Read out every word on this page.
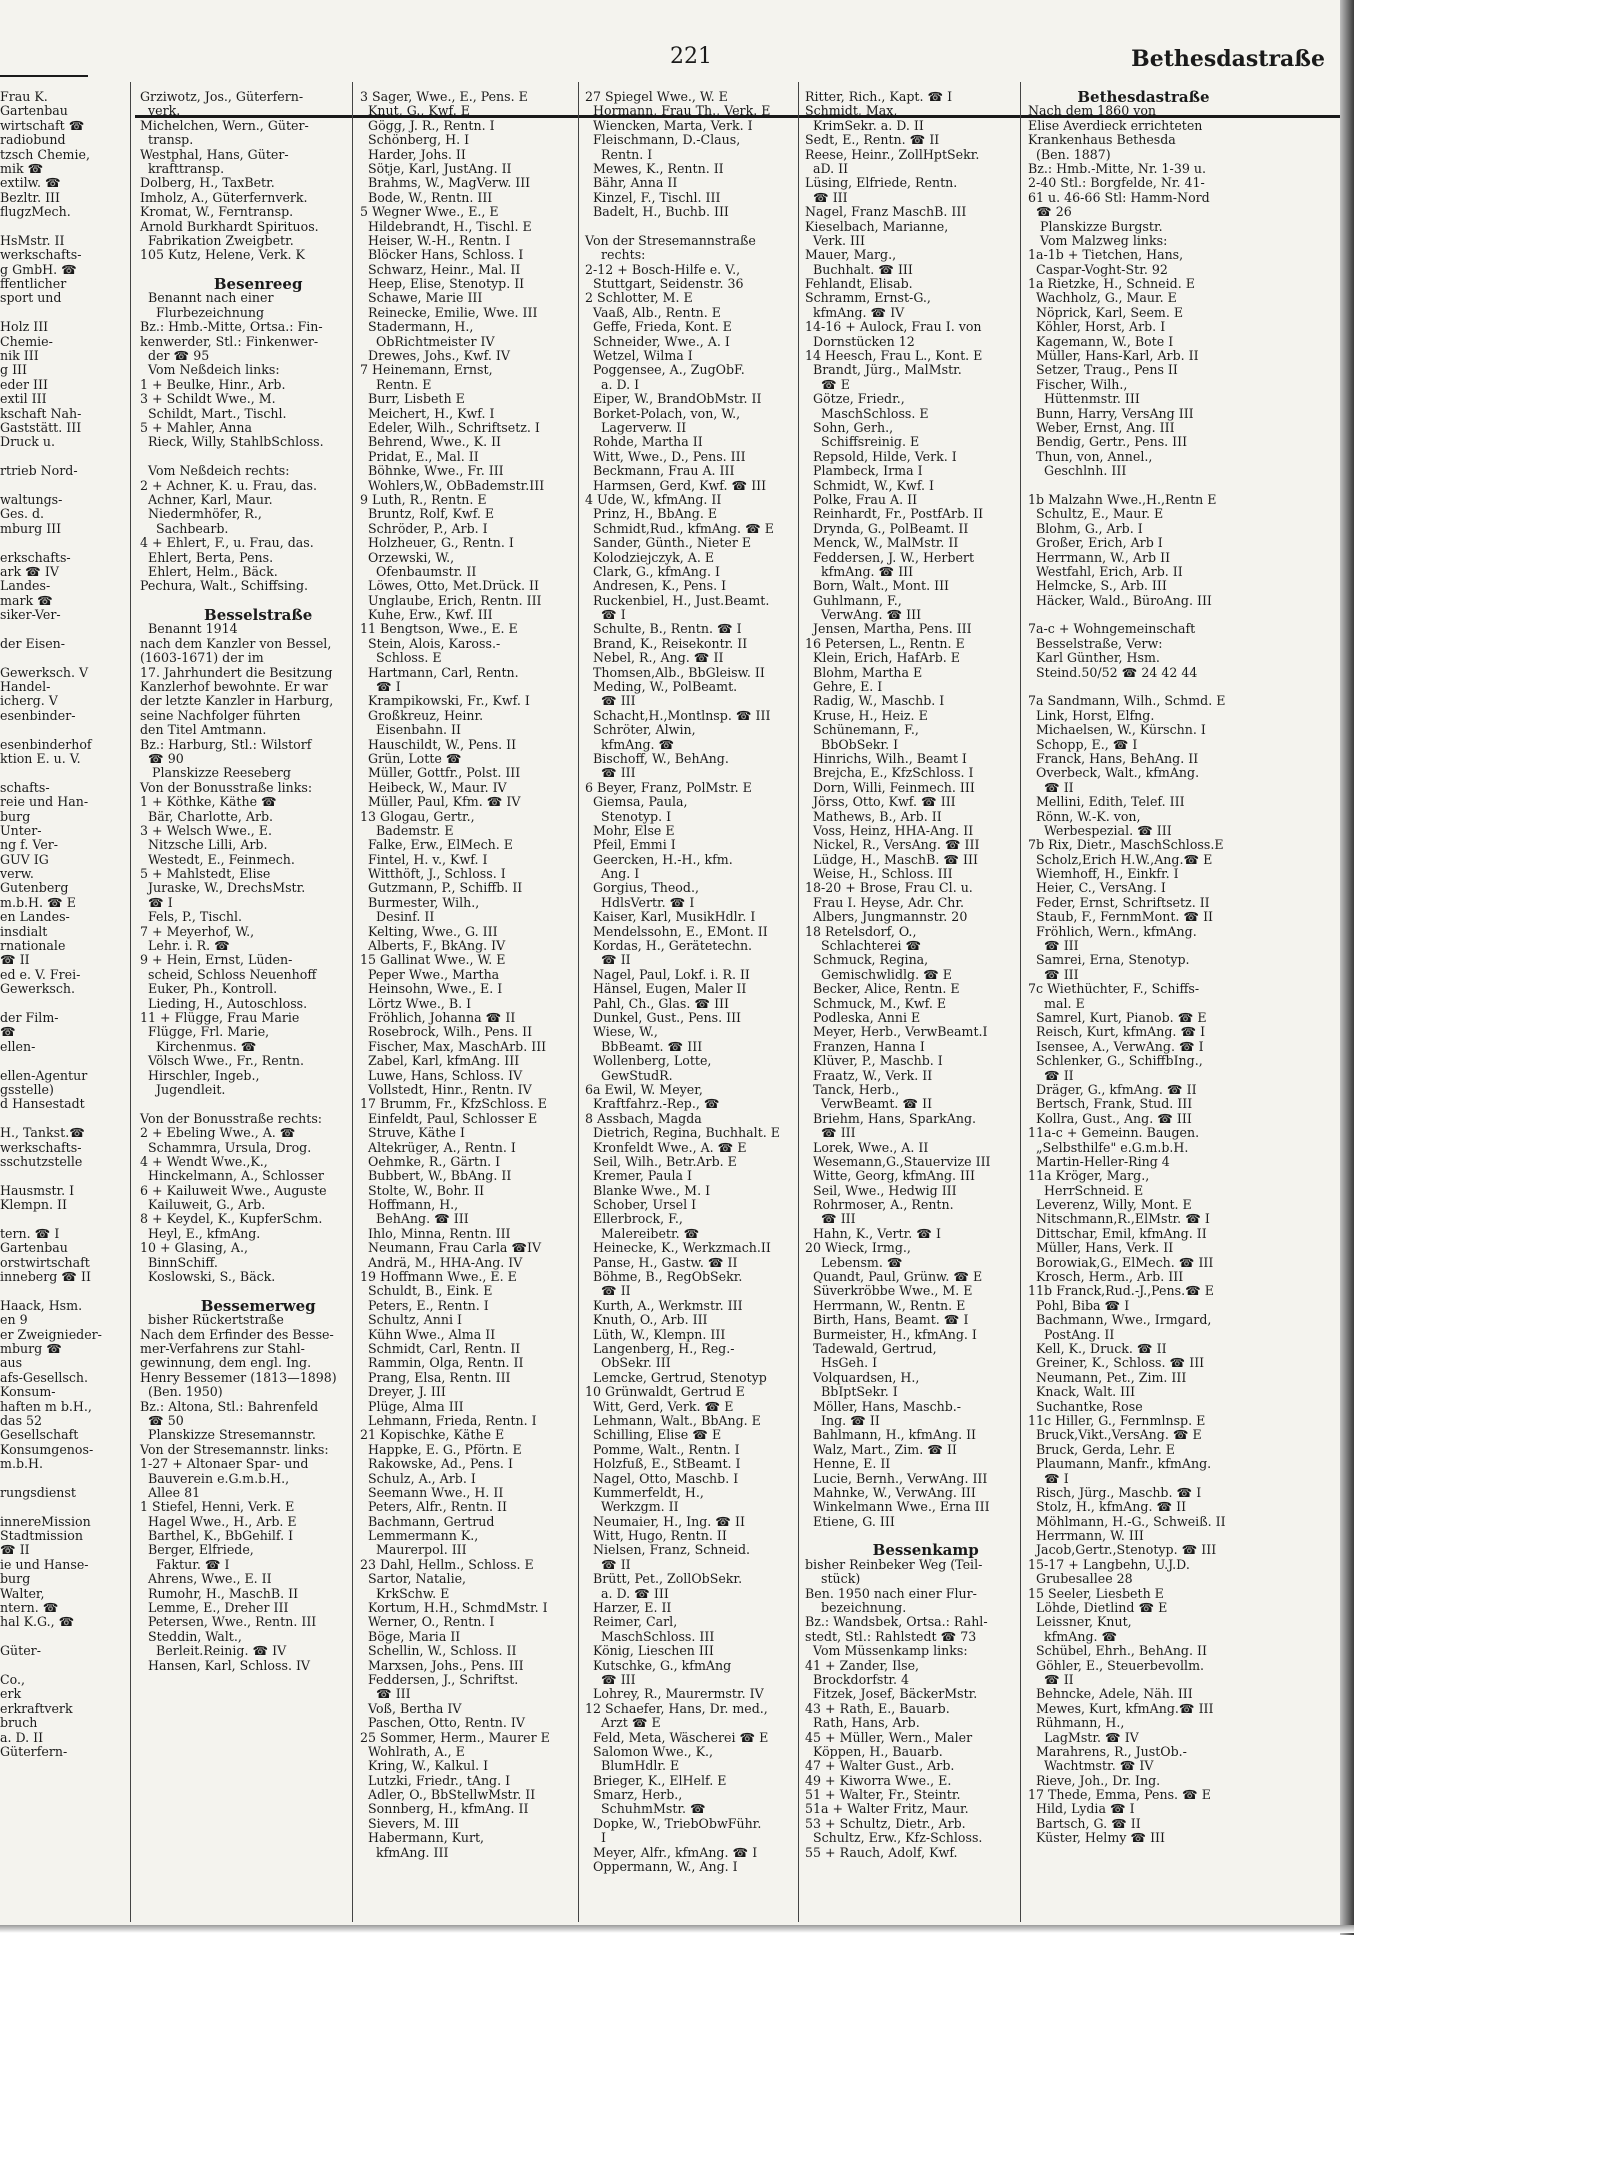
221	Bethesdastraße
Frau K.
Gartenbau
wirtschaft ☎
radiobund
tzsch Chemie,
mik ☎
extilw. ☎
Bezltr. III
flugzMech.
HsMstr. II
werkschafts-
g GmbH. ☎
ffentlicher
sport und
Holz III
Chemie-
nik III
g III
eder III
extil III
kschaft Nah-
Gaststätt. III
Druck u.
rtrieb Nord-
waltungs-
Ges. d.
mburg III
erkschafts-
ark ☎ IV
Landes-
mark ☎
siker-Ver-
der Eisen-
Gewerksch. V
Handel-
icherg. V
esenbinder-
esenbinderhof
ktion E. u. V.
schafts-
reie und Han-
burg
Unter-
ng f. Ver-
GUV IG
verw.
Gutenberg
m.b.H. ☎ E
en Landes-
insdialt
rnationale
☎ II
ed e. V. Frei-
Gewerksch.
der Film-
☎
ellen-
ellen-Agentur
gsstelle)
d Hansestadt
H., Tankst.☎
werkschafts-
sschutzstelle
Hausmstr. I
Klempn. II
tern. ☎ I
Gartenbau
orstwirtschaft
inneberg ☎ II
Haack, Hsm.
en 9
er Zweignieder-
mburg ☎
aus
afs-Gesellsch.
Konsum-
haften m b.H.,
das 52
Gesellschaft
Konsumgenos-
m.b.H.
rungsdienst
innereMission
Stadtmission
☎ II
ie und Hanse-
burg
Walter,
ntern. ☎
hal K.G., ☎
Güter-
Co.,
erk
erkraftverk
bruch
a. D. II
Güterfern-
Grziwotz, Jos., Güterfern-
verk.
Michelchen, Wern., Güter-
transp.
Westphal, Hans, Güter-
krafttransp.
Dolberg, H., TaxBetr.
Imholz, A., Güterfernverk.
Kromat, W., Ferntransp.
Arnold Burkhardt Spirituos.
Fabrikation Zweigbetr.
105 Kutz, Helene, Verk. K
Besenreeg
Benannt nach einer
Flurbezeichnung
Bz.: Hmb.-Mitte, Ortsa.: Fin-
kenwerder, Stl.: Finkenwer-
der ☎ 95
Vom Neßdeich links:
1 + Beulke, Hinr., Arb.
3 + Schildt Wwe., M.
Schildt, Mart., Tischl.
5 + Mahler, Anna
Rieck, Willy, StahlbSchloss.
Vom Neßdeich rechts:
2 + Achner, K. u. Frau, das.
Achner, Karl, Maur.
Niedermhöfer, R.,
Sachbearb.
4 + Ehlert, F., u. Frau, das.
Ehlert, Berta, Pens.
Ehlert, Helm., Bäck.
Pechura, Walt., Schiffsing.
Besselstraße
Benannt 1914
nach dem Kanzler von Bessel,
(1603-1671) der im
17. Jahrhundert die Besitzung
Kanzlerhof bewohnte. Er war
der letzte Kanzler in Harburg,
seine Nachfolger führten
den Titel Amtmann.
Bz.: Harburg, Stl.: Wilstorf
☎ 90
Planskizze Reeseberg
Von der Bonusstraße links:
1 + Köthke, Käthe ☎
Bär, Charlotte, Arb.
3 + Welsch Wwe., E.
Nitzsche Lilli, Arb.
Westedt, E., Feinmech.
5 + Mahlstedt, Elise
Juraske, W., DrechsMstr.
☎ I
Fels, P., Tischl.
7 + Meyerhof, W.,
Lehr. i. R. ☎
9 + Hein, Ernst, Lüden-
scheid, Schloss Neuenhoff
Euker, Ph., Kontroll.
Lieding, H., Autoschloss.
11 + Flügge, Frau Marie
Flügge, Frl. Marie,
Kirchenmus. ☎
Völsch Wwe., Fr., Rentn.
Hirschler, Ingeb.,
Jugendleit.
Von der Bonusstraße rechts:
2 + Ebeling Wwe., A. ☎
Schammra, Ursula, Drog.
4 + Wendt Wwe.,K.,
Hinckelmann, A., Schlosser
6 + Kailuweit Wwe., Auguste
Kailuweit, G., Arb.
8 + Keydel, K., KupferSchm.
Heyl, E., kfmAng.
10 + Glasing, A.,
BinnSchiff.
Koslowski, S., Bäck.
Bessemerweg
bisher Rückertstraße
Nach dem Erfinder des Besse-
mer-Verfahrens zur Stahl-
gewinnung, dem engl. Ing.
Henry Bessemer (1813—1898)
(Ben. 1950)
Bz.: Altona, Stl.: Bahrenfeld
☎ 50
Planskizze Stresemannstr.
Von der Stresemannstr. links:
1-27 + Altonaer Spar- und
Bauverein e.G.m.b.H.,
Allee 81
1 Stiefel, Henni, Verk. E
Hagel Wwe., H., Arb. E
Barthel, K., BbGehilf. I
Berger, Elfriede,
Faktur. ☎ I
Ahrens, Wwe., E. II
Rumohr, H., MaschB. II
Lemme, E., Dreher III
Petersen, Wwe., Rentn. III
Steddin, Walt.,
Berleit.Reinig. ☎ IV
Hansen, Karl, Schloss. IV
3 Sager, Wwe., E., Pens. E
Knut, G., Kwf. E
Gögg, J. R., Rentn. I
Schönberg, H. I
Harder, Johs. II
Sötje, Karl, JustAng. II
Brahms, W., MagVerw. III
Bode, W., Rentn. III
5 Wegner Wwe., E., E
Hildebrandt, H., Tischl. E
Heiser, W.-H., Rentn. I
Blöcker Hans, Schloss. I
Schwarz, Heinr., Mal. II
Heep, Elise, Stenotyp. II
Schawe, Marie III
Reinecke, Emilie, Wwe. III
Stadermann, H.,
ObRichtmeister IV
Drewes, Johs., Kwf. IV
7 Heinemann, Ernst,
Rentn. E
Burr, Lisbeth E
Meichert, H., Kwf. I
Edeler, Wilh., Schriftsetz. I
Behrend, Wwe., K. II
Pridat, E., Mal. II
Böhnke, Wwe., Fr. III
Wohlers,W., ObBademstr.III
9 Luth, R., Rentn. E
Bruntz, Rolf, Kwf. E
Schröder, P., Arb. I
Holzheuer, G., Rentn. I
Orzewski, W.,
Ofenbaumstr. II
Löwes, Otto, Met.Drück. II
Unglaube, Erich, Rentn. III
Kuhe, Erw., Kwf. III
11 Bengtson, Wwe., E. E
Stein, Alois, Kaross.-
Schloss. E
Hartmann, Carl, Rentn.
☎ I
Krampikowski, Fr., Kwf. I
Großkreuz, Heinr.
Eisenbahn. II
Hauschildt, W., Pens. II
Grün, Lotte ☎
Müller, Gottfr., Polst. III
Heibeck, W., Maur. IV
Müller, Paul, Kfm. ☎ IV
13 Glogau, Gertr.,
Bademstr. E
Falke, Erw., ElMech. E
Fintel, H. v., Kwf. I
Witthöft, J., Schloss. I
Gutzmann, P., Schiffb. II
Burmester, Wilh.,
Desinf. II
Kelting, Wwe., G. III
Alberts, F., BkAng. IV
15 Gallinat Wwe., W. E
Peper Wwe., Martha
Heinsohn, Wwe., E. I
Lörtz Wwe., B. I
Fröhlich, Johanna ☎ II
Rosebrock, Wilh., Pens. II
Fischer, Max, MaschArb. III
Zabel, Karl, kfmAng. III
Luwe, Hans, Schloss. IV
Vollstedt, Hinr., Rentn. IV
17 Brumm, Fr., KfzSchloss. E
Einfeldt, Paul, Schlosser E
Struve, Käthe I
Altekrüger, A., Rentn. I
Oehmke, R., Gärtn. I
Bubbert, W., BbAng. II
Stolte, W., Bohr. II
Hoffmann, H.,
BehAng. ☎ III
Ihlo, Minna, Rentn. III
Neumann, Frau Carla ☎IV
Andrä, M., HHA-Ang. IV
19 Hoffmann Wwe., E. E
Schuldt, B., Eink. E
Peters, E., Rentn. I
Schultz, Anni I
Kühn Wwe., Alma II
Schmidt, Carl, Rentn. II
Rammin, Olga, Rentn. II
Prang, Elsa, Rentn. III
Dreyer, J. III
Plüge, Alma III
Lehmann, Frieda, Rentn. I
21 Kopischke, Käthe E
Happke, E. G., Pförtn. E
Rakowske, Ad., Pens. I
Schulz, A., Arb. I
Seemann Wwe., H. II
Peters, Alfr., Rentn. II
Bachmann, Gertrud
Lemmermann K.,
Maurerpol. III
23 Dahl, Hellm., Schloss. E
Sartor, Natalie,
KrkSchw. E
Kortum, H.H., SchmdMstr. I
Werner, O., Rentn. I
Böge, Maria II
Schellin, W., Schloss. II
Marxsen, Johs., Pens. III
Feddersen, J., Schriftst.
☎ III
Voß, Bertha IV
Paschen, Otto, Rentn. IV
25 Sommer, Herm., Maurer E
Wohlrath, A., E
Kring, W., Kalkul. I
Lutzki, Friedr., tAng. I
Adler, O., BbStellwMstr. II
Sonnberg, H., kfmAng. II
Sievers, M. III
Habermann, Kurt,
kfmAng. III
27 Spiegel Wwe., W. E
Hormann, Frau Th., Verk. E
Wiencken, Marta, Verk. I
Fleischmann, D.-Claus,
Rentn. I
Mewes, K., Rentn. II
Bähr, Anna II
Kinzel, F., Tischl. III
Badelt, H., Buchb. III
Von der Stresemannstraße
rechts:
2-12 + Bosch-Hilfe e. V.,
Stuttgart, Seidenstr. 36
2 Schlotter, M. E
Vaaß, Alb., Rentn. E
Geffe, Frieda, Kont. E
Schneider, Wwe., A. I
Wetzel, Wilma I
Poggensee, A., ZugObF.
a. D. I
Eiper, W., BrandObMstr. II
Borket-Polach, von, W.,
Lagerverw. II
Rohde, Martha II
Witt, Wwe., D., Pens. III
Beckmann, Frau A. III
Harmsen, Gerd, Kwf. ☎ III
4 Ude, W., kfmAng. II
Prinz, H., BbAng. E
Schmidt,Rud., kfmAng. ☎ E
Sander, Günth., Nieter E
Kolodziejczyk, A. E
Clark, G., kfmAng. I
Andresen, K., Pens. I
Ruckenbiel, H., Just.Beamt.
☎ I
Schulte, B., Rentn. ☎ I
Brand, K., Reisekontr. II
Nebel, R., Ang. ☎ II
Thomsen,Alb., BbGleisw. II
Meding, W., PolBeamt.
☎ III
Schacht,H.,Montlnsp. ☎ III
Schröter, Alwin,
kfmAng. ☎
Bischoff, W., BehAng.
☎ III
6 Beyer, Franz, PolMstr. E
Giemsa, Paula,
Stenotyp. I
Mohr, Else E
Pfeil, Emmi I
Geercken, H.-H., kfm.
Ang. I
Gorgius, Theod.,
HdlsVertr. ☎ I
Kaiser, Karl, MusikHdlr. I
Mendelssohn, E., EMont. II
Kordas, H., Gerätetechn.
☎ II
Nagel, Paul, Lokf. i. R. II
Hänsel, Eugen, Maler II
Pahl, Ch., Glas. ☎ III
Dunkel, Gust., Pens. III
Wiese, W.,
BbBeamt. ☎ III
Wollenberg, Lotte,
GewStudR.
6a Ewil, W. Meyer,
Kraftfahrz.-Rep., ☎
8 Assbach, Magda
Dietrich, Regina, Buchhalt. E
Kronfeldt Wwe., A. ☎ E
Seil, Wilh., Betr.Arb. E
Kremer, Paula I
Blanke Wwe., M. I
Schober, Ursel I
Ellerbrock, F.,
Malereibetr. ☎
Heinecke, K., Werkzmach.II
Panse, H., Gastw. ☎ II
Böhme, B., RegObSekr.
☎ II
Kurth, A., Werkmstr. III
Knuth, O., Arb. III
Lüth, W., Klempn. III
Langenberg, H., Reg.-
ObSekr. III
Lemcke, Gertrud, Stenotyp
10 Grünwaldt, Gertrud E
Witt, Gerd, Verk. ☎ E
Lehmann, Walt., BbAng. E
Schilling, Elise ☎ E
Pomme, Walt., Rentn. I
Holzfuß, E., StBeamt. I
Nagel, Otto, Maschb. I
Kummerfeldt, H.,
Werkzgm. II
Neumaier, H., Ing. ☎ II
Witt, Hugo, Rentn. II
Nielsen, Franz, Schneid.
☎ II
Brütt, Pet., ZollObSekr.
a. D. ☎ III
Harzer, E. II
Reimer, Carl,
MaschSchloss. III
König, Lieschen III
Kutschke, G., kfmAng
☎ III
Lohrey, R., Maurermstr. IV
12 Schaefer, Hans, Dr. med.,
Arzt ☎ E
Feld, Meta, Wäscherei ☎ E
Salomon Wwe., K.,
BlumHdlr. E
Brieger, K., ElHelf. E
Smarz, Herb.,
SchuhmMstr. ☎
Dopke, W., TriebObwFühr.
I
Meyer, Alfr., kfmAng. ☎ I
Oppermann, W., Ang. I
Ritter, Rich., Kapt. ☎ I
Schmidt, Max,
KrimSekr. a. D. II
Sedt, E., Rentn. ☎ II
Reese, Heinr., ZollHptSekr.
aD. II
Lüsing, Elfriede, Rentn.
☎ III
Nagel, Franz MaschB. III
Kieselbach, Marianne,
Verk. III
Mauer, Marg.,
Buchhalt. ☎ III
Fehlandt, Elisab.
Schramm, Ernst-G.,
kfmAng. ☎ IV
14-16 + Aulock, Frau I. von
Dornstücken 12
14 Heesch, Frau L., Kont. E
Brandt, Jürg., MalMstr.
☎ E
Götze, Friedr.,
MaschSchloss. E
Sohn, Gerh.,
Schiffsreinig. E
Repsold, Hilde, Verk. I
Plambeck, Irma I
Schmidt, W., Kwf. I
Polke, Frau A. II
Reinhardt, Fr., PostfArb. II
Drynda, G., PolBeamt. II
Menck, W., MalMstr. II
Feddersen, J. W., Herbert
kfmAng. ☎ III
Born, Walt., Mont. III
Guhlmann, F.,
VerwAng. ☎ III
Jensen, Martha, Pens. III
16 Petersen, L., Rentn. E
Klein, Erich, HafArb. E
Blohm, Martha E
Gehre, E. I
Radig, W., Maschb. I
Kruse, H., Heiz. E
Schünemann, F.,
BbObSekr. I
Hinrichs, Wilh., Beamt I
Brejcha, E., KfzSchloss. I
Dorn, Willi, Feinmech. III
Jörss, Otto, Kwf. ☎ III
Mathews, B., Arb. II
Voss, Heinz, HHA-Ang. II
Nickel, R., VersAng. ☎ III
Lüdge, H., MaschB. ☎ III
Weise, H., Schloss. III
18-20 + Brose, Frau Cl. u.
Frau I. Heyse, Adr. Chr.
Albers, Jungmannstr. 20
18 Retelsdorf, O.,
Schlachterei ☎
Schmuck, Regina,
Gemischwlidlg. ☎ E
Becker, Alice, Rentn. E
Schmuck, M., Kwf. E
Podleska, Anni E
Meyer, Herb., VerwBeamt.I
Franzen, Hanna I
Klüver, P., Maschb. I
Fraatz, W., Verk. II
Tanck, Herb.,
VerwBeamt. ☎ II
Briehm, Hans, SparkAng.
☎ III
Lorek, Wwe., A. II
Wesemann,G.,Stauervize III
Witte, Georg, kfmAng. III
Seil, Wwe., Hedwig III
Rohrmoser, A., Rentn.
☎ III
Hahn, K., Vertr. ☎ I
20 Wieck, Irmg.,
Lebensm. ☎
Quandt, Paul, Grünw. ☎ E
Süverkröbbe Wwe., M. E
Herrmann, W., Rentn. E
Birth, Hans, Beamt. ☎ I
Burmeister, H., kfmAng. I
Tadewald, Gertrud,
HsGeh. I
Volquardsen, H.,
BbIptSekr. I
Möller, Hans, Maschb.-
Ing. ☎ II
Bahlmann, H., kfmAng. II
Walz, Mart., Zim. ☎ II
Henne, E. II
Lucie, Bernh., VerwAng. III
Mahnke, W., VerwAng. III
Winkelmann Wwe., Erna III
Etiene, G. III
Bessenkamp
bisher Reinbeker Weg (Teil-
stück)
Ben. 1950 nach einer Flur-
bezeichnung.
Bz.: Wandsbek, Ortsa.: Rahl-
stedt, Stl.: Rahlstedt ☎ 73
Vom Müssenkamp links:
41 + Zander, Ilse,
Brockdorfstr. 4
Fitzek, Josef, BäckerMstr.
43 + Rath, E., Bauarb.
Rath, Hans, Arb.
45 + Müller, Wern., Maler
Köppen, H., Bauarb.
47 + Walter Gust., Arb.
49 + Kiworra Wwe., E.
51 + Walter, Fr., Steintr.
51a + Walter Fritz, Maur.
53 + Schultz, Dietr., Arb.
Schultz, Erw., Kfz-Schloss.
55 + Rauch, Adolf, Kwf.
Bethesdastraße
Nach dem 1860 von
Elise Averdieck errichteten
Krankenhaus Bethesda
(Ben. 1887)
Bz.: Hmb.-Mitte, Nr. 1-39 u.
2-40 Stl.: Borgfelde, Nr. 41-
61 u. 46-66 Stl: Hamm-Nord
☎ 26
Planskizze Burgstr.
Vom Malzweg links:
1a-1b + Tietchen, Hans,
Caspar-Voght-Str. 92
1a Rietzke, H., Schneid. E
Wachholz, G., Maur. E
Nöprick, Karl, Seem. E
Köhler, Horst, Arb. I
Kagemann, W., Bote I
Müller, Hans-Karl, Arb. II
Setzer, Traug., Pens II
Fischer, Wilh.,
Hüttenmstr. III
Bunn, Harry, VersAng III
Weber, Ernst, Ang. III
Bendig, Gertr., Pens. III
Thun, von, Annel.,
Geschlnh. III
1b Malzahn Wwe.,H.,Rentn E
Schultz, E., Maur. E
Blohm, G., Arb. I
Großer, Erich, Arb I
Herrmann, W., Arb II
Westfahl, Erich, Arb. II
Helmcke, S., Arb. III
Häcker, Wald., BüroAng. III
7a-c + Wohngemeinschaft
Besselstraße, Verw:
Karl Günther, Hsm.
Steind.50/52 ☎ 24 42 44
7a Sandmann, Wilh., Schmd. E
Link, Horst, Elfng.
Michaelsen, W., Kürschn. I
Schopp, E., ☎ I
Franck, Hans, BehAng. II
Overbeck, Walt., kfmAng.
☎ II
Mellini, Edith, Telef. III
Rönn, W.-K. von,
Werbespezial. ☎ III
7b Rix, Dietr., MaschSchloss.E
Scholz,Erich H.W.,Ang.☎ E
Wiemhoff, H., Einkfr. I
Heier, C., VersAng. I
Feder, Ernst, Schriftsetz. II
Staub, F., FernmMont. ☎ II
Fröhlich, Wern., kfmAng.
☎ III
Samrei, Erna, Stenotyp.
☎ III
7c Wiethüchter, F., Schiffs-
mal. E
Samrel, Kurt, Pianob. ☎ E
Reisch, Kurt, kfmAng. ☎ I
Isensee, A., VerwAng. ☎ I
Schlenker, G., SchiffbIng.,
☎ II
Dräger, G., kfmAng. ☎ II
Bertsch, Frank, Stud. III
Kollra, Gust., Ang. ☎ III
11a-c + Gemeinn. Baugen.
„Selbsthilfe" e.G.m.b.H.
Martin-Heller-Ring 4
11a Kröger, Marg.,
HerrSchneid. E
Leverenz, Willy, Mont. E
Nitschmann,R.,ElMstr. ☎ I
Dittschar, Emil, kfmAng. II
Müller, Hans, Verk. II
Borowiak,G., ElMech. ☎ III
Krosch, Herm., Arb. III
11b Franck,Rud.-J.,Pens.☎ E
Pohl, Biba ☎ I
Bachmann, Wwe., Irmgard,
PostAng. II
Kell, K., Druck. ☎ II
Greiner, K., Schloss. ☎ III
Neumann, Pet., Zim. III
Knack, Walt. III
Suchantke, Rose
11c Hiller, G., Fernmlnsp. E
Bruck,Vikt.,VersAng. ☎ E
Bruck, Gerda, Lehr. E
Plaumann, Manfr., kfmAng.
☎ I
Risch, Jürg., Maschb. ☎ I
Stolz, H., kfmAng. ☎ II
Möhlmann, H.-G., Schweiß. II
Herrmann, W. III
Jacob,Gertr.,Stenotyp. ☎ III
15-17 + Langbehn, U.J.D.
Grubesallee 28
15 Seeler, Liesbeth E
Löhde, Dietlind ☎ E
Leissner, Knut,
kfmAng. ☎
Schübel, Ehrh., BehAng. II
Göhler, E., Steuerbevollm.
☎ II
Behncke, Adele, Näh. III
Mewes, Kurt, kfmAng.☎ III
Rühmann, H.,
LagMstr. ☎ IV
Marahrens, R., JustOb.-
Wachtmstr. ☎ IV
Rieve, Joh., Dr. Ing.
17 Thede, Emma, Pens. ☎ E
Hild, Lydia ☎ I
Bartsch, G. ☎ II
Küster, Helmy ☎ III
